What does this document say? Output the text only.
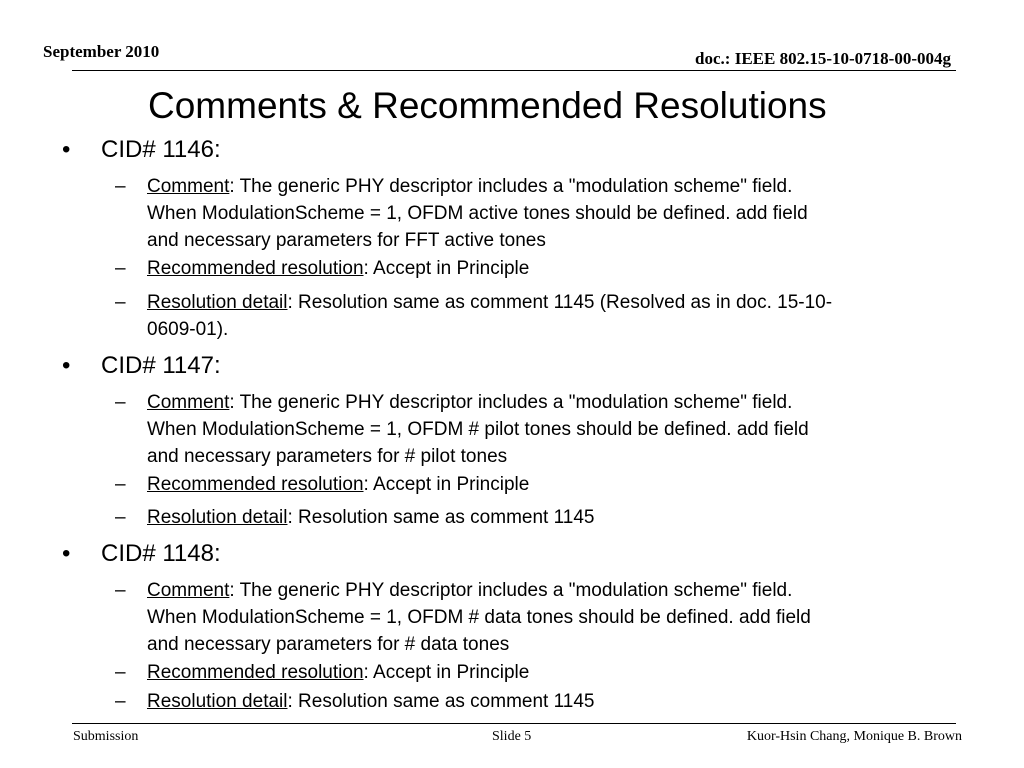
September 2010	doc.: IEEE 802.15-10-0718-00-004g
Comments & Recommended Resolutions
• CID# 1146:
– Comment: The generic PHY descriptor includes a "modulation scheme" field.
When ModulationScheme = 1, OFDM active tones should be defined. add field
and necessary parameters for FFT active tones
– Recommended resolution: Accept in Principle
– Resolution detail: Resolution same as comment 1145 (Resolved as in doc. 15-10-
0609-01).
• CID# 1147:
– Comment: The generic PHY descriptor includes a "modulation scheme" field.
When ModulationScheme = 1, OFDM # pilot tones should be defined. add field
and necessary parameters for # pilot tones
– Recommended resolution: Accept in Principle
– Resolution detail: Resolution same as comment 1145
• CID# 1148:
– Comment: The generic PHY descriptor includes a "modulation scheme" field.
When ModulationScheme = 1, OFDM # data tones should be defined. add field
and necessary parameters for # data tones
– Recommended resolution: Accept in Principle
– Resolution detail: Resolution same as comment 1145
Submission	Slide 5	Kuor-Hsin Chang, Monique B. Brown
